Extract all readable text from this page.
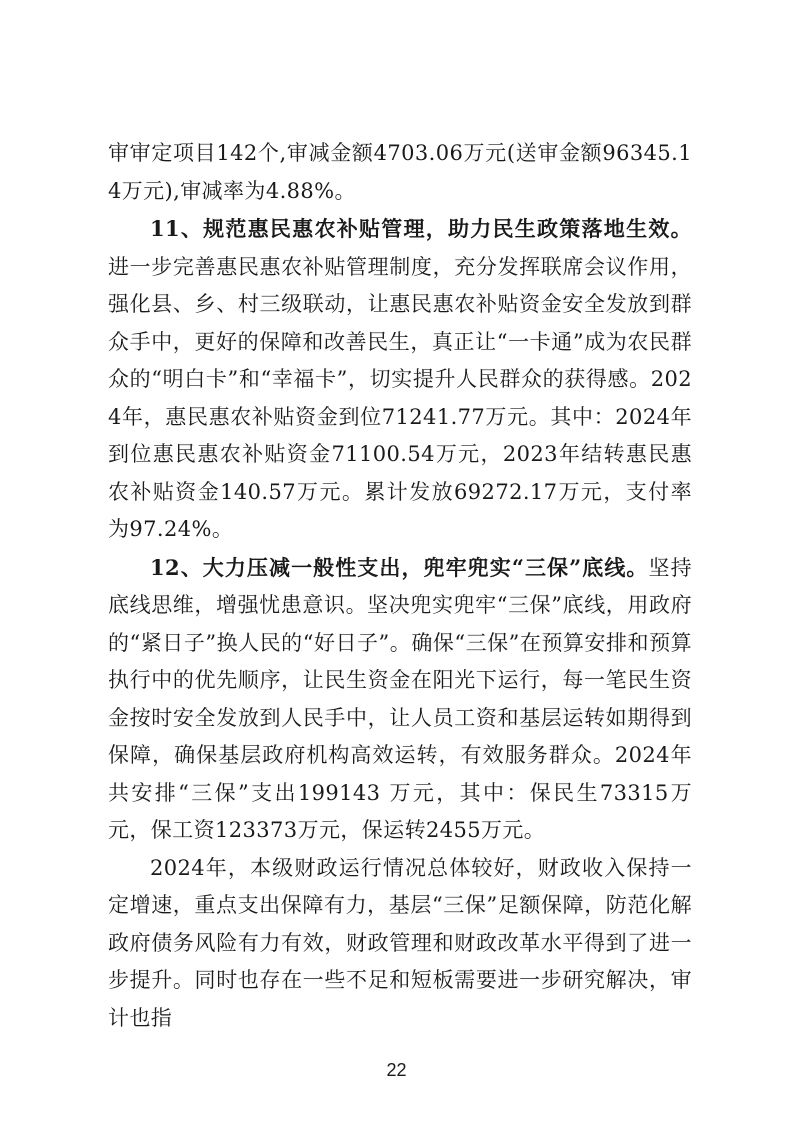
审审定项目142个,审减金额4703.06万元(送审金额96345.14万元),审减率为4.88%。

11、规范惠民惠农补贴管理，助力民生政策落地生效。进一步完善惠民惠农补贴管理制度，充分发挥联席会议作用，强化县、乡、村三级联动，让惠民惠农补贴资金安全发放到群众手中，更好的保障和改善民生，真正让“一卡通”成为农民群众的“明白卡”和“幸福卡”，切实提升人民群众的获得感。2024年，惠民惠农补贴资金到位71241.77万元。其中：2024年到位惠民惠农补贴资金71100.54万元，2023年结转惠民惠农补贴资金140.57万元。累计发放69272.17万元，支付率为97.24%。

12、大力压减一般性支出，兜牢兜实“三保”底线。坚持底线思维，增强忧患意识。坚决兜实兜牢“三保”底线，用政府的“紧日子”换人民的“好日子”。确保“三保”在预算安排和预算执行中的优先顺序，让民生资金在阳光下运行，每一笔民生资金按时安全发放到人民手中，让人员工资和基层运转如期得到保障，确保基层政府机构高效运转，有效服务群众。2024年共安排“三保”支出199143 万元，其中：保民生73315万元，保工资123373万元，保运转2455万元。

2024年，本级财政运行情况总体较好，财政收入保持一定增速，重点支出保障有力，基层“三保”足额保障，防范化解政府债务风险有力有效，财政管理和财政改革水平得到了进一步提升。同时也存在一些不足和短板需要进一步研究解决，审计也指

22
